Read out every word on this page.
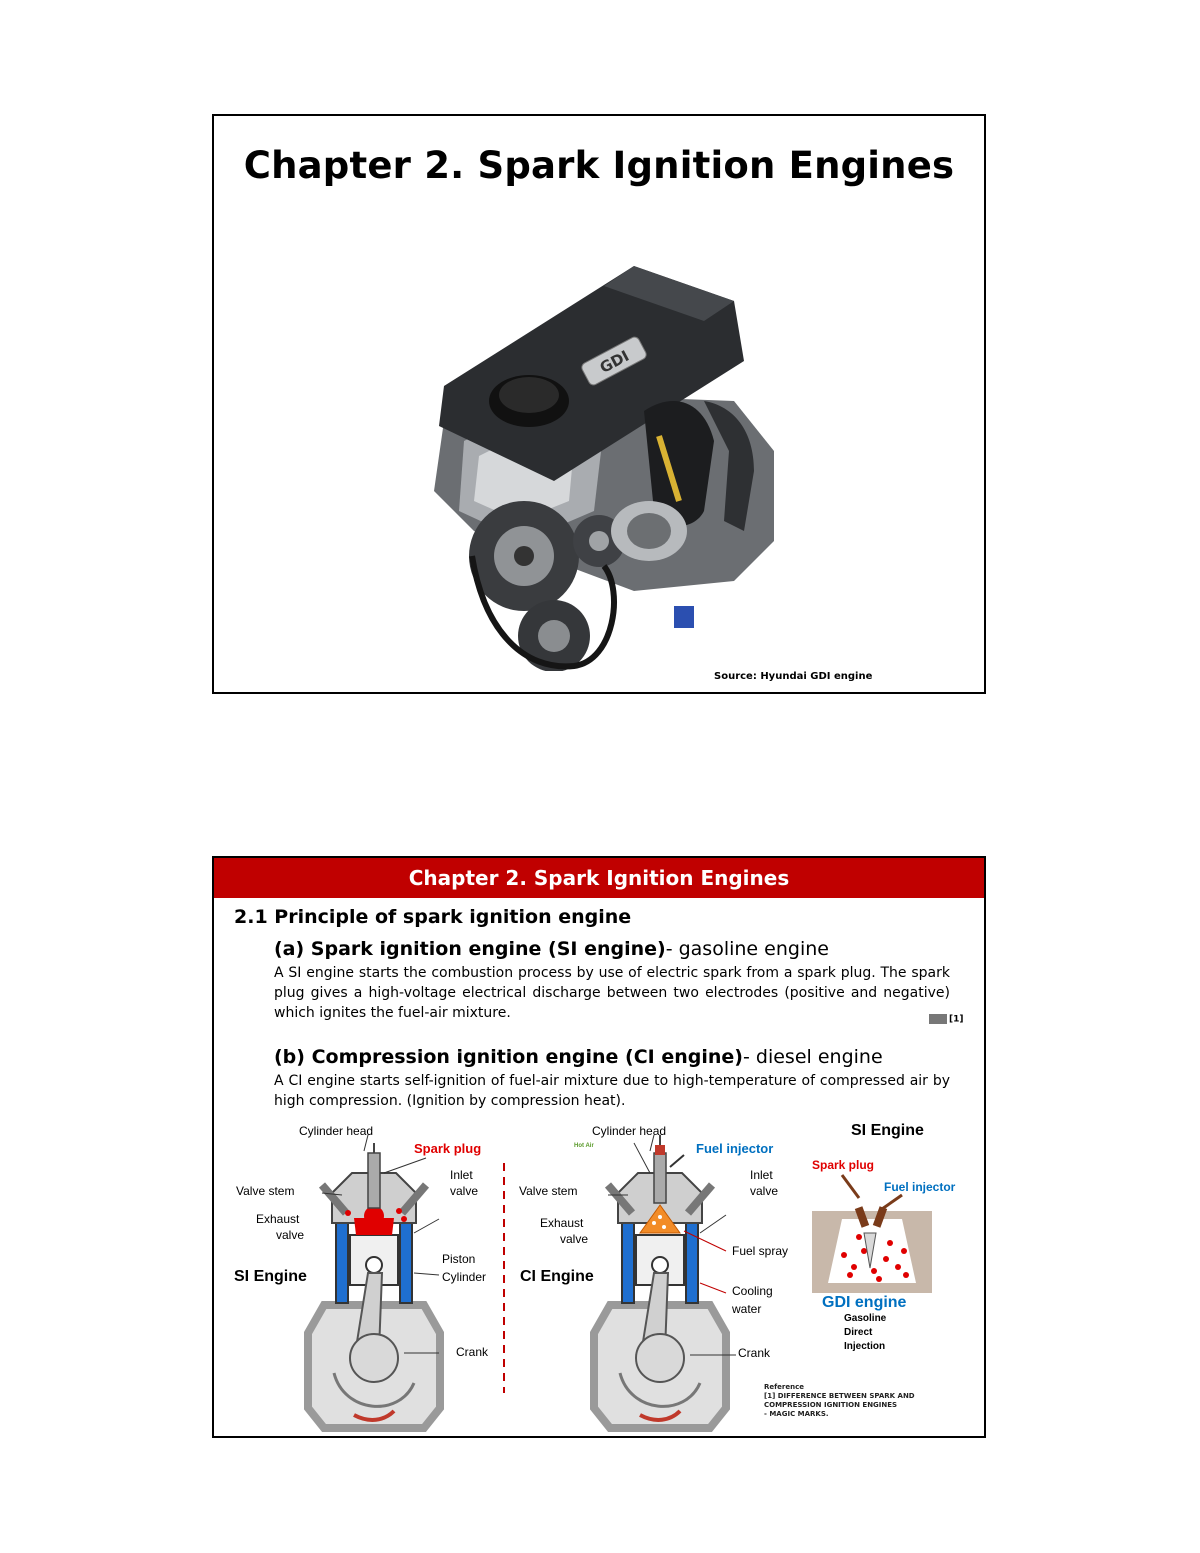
Chapter 2. Spark Ignition Engines
GDI
Source: Hyundai GDI engine
Chapter 2. Spark Ignition Engines
2.1 Principle of spark ignition engine
(a) Spark ignition engine (SI engine)- gasoline engine
A SI engine starts the combustion process by use of electric spark from a spark plug. The spark plug gives a high-voltage electrical discharge between two electrodes (positive and negative) which ignites the fuel-air mixture.	[1]
(b) Compression ignition engine (CI engine)- diesel engine
A CI engine starts self-ignition of fuel-air mixture due to high-temperature of compressed air by high compression. (Ignition by compression heat).
Cylinder head
Spark plug
Inlet
valve
Valve stem
Exhaust
valve
Piston
Cylinder
Crank
SI Engine
Cylinder head
Hot Air	Fuel injector
Inlet
valve
Valve stem
Exhaust
valve
Fuel spray
Cooling
water
Crank
CI Engine
SI Engine
Spark plug
Fuel injector
GDI engine
Gasoline
Direct
Injection
Reference
[1] DIFFERENCE BETWEEN SPARK AND
COMPRESSION IGNITION ENGINES
- MAGIC MARKS.
